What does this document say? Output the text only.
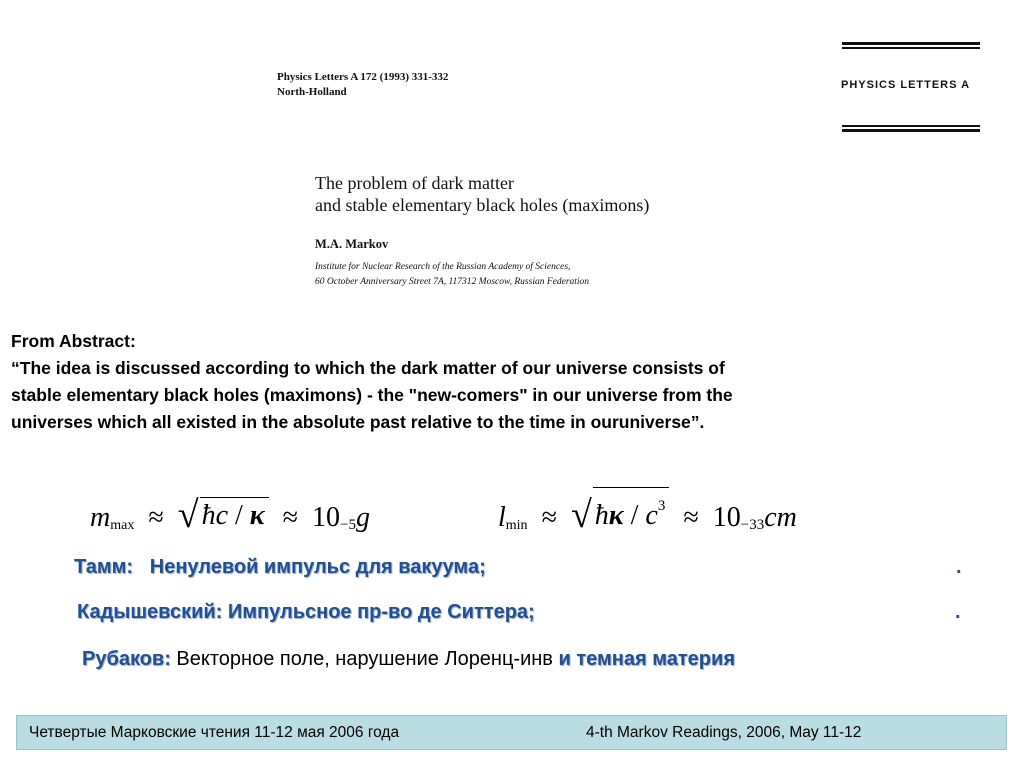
Physics Letters A 172 (1993) 331-332
North-Holland
PHYSICS LETTERS A
The problem of dark matter
and stable elementary black holes (maximons)
M.A. Markov
Institute for Nuclear Research of the Russian Academy of Sciences,
60 October Anniversary Street 7A, 117312 Moscow, Russian Federation
From Abstract:
“The idea is discussed according to which the dark matter of our universe consists of
stable elementary black holes (maximons) - the "new-comers" in our universe from the
universes which all existed in the absolute past relative to the time in ouruniverse”.
$m_{max}$ ≈ √ ħc / $\kappa \approx 10_{-5}$ g	$l_{min}$ ≈ √ ħκ / $c^3 \approx 10_{-33}$ cm
Тамм: Ненулевой импульс для вакуума;	.
Кадышевский: Импульсное пр-во де Ситтера;	.
Рубаков: Векторное поле, нарушение Лоренц-инв и темная материя
Четвертые Марковские чтения 11-12 мая 2006 года	4-th Markov Readings, 2006, May 11-12
